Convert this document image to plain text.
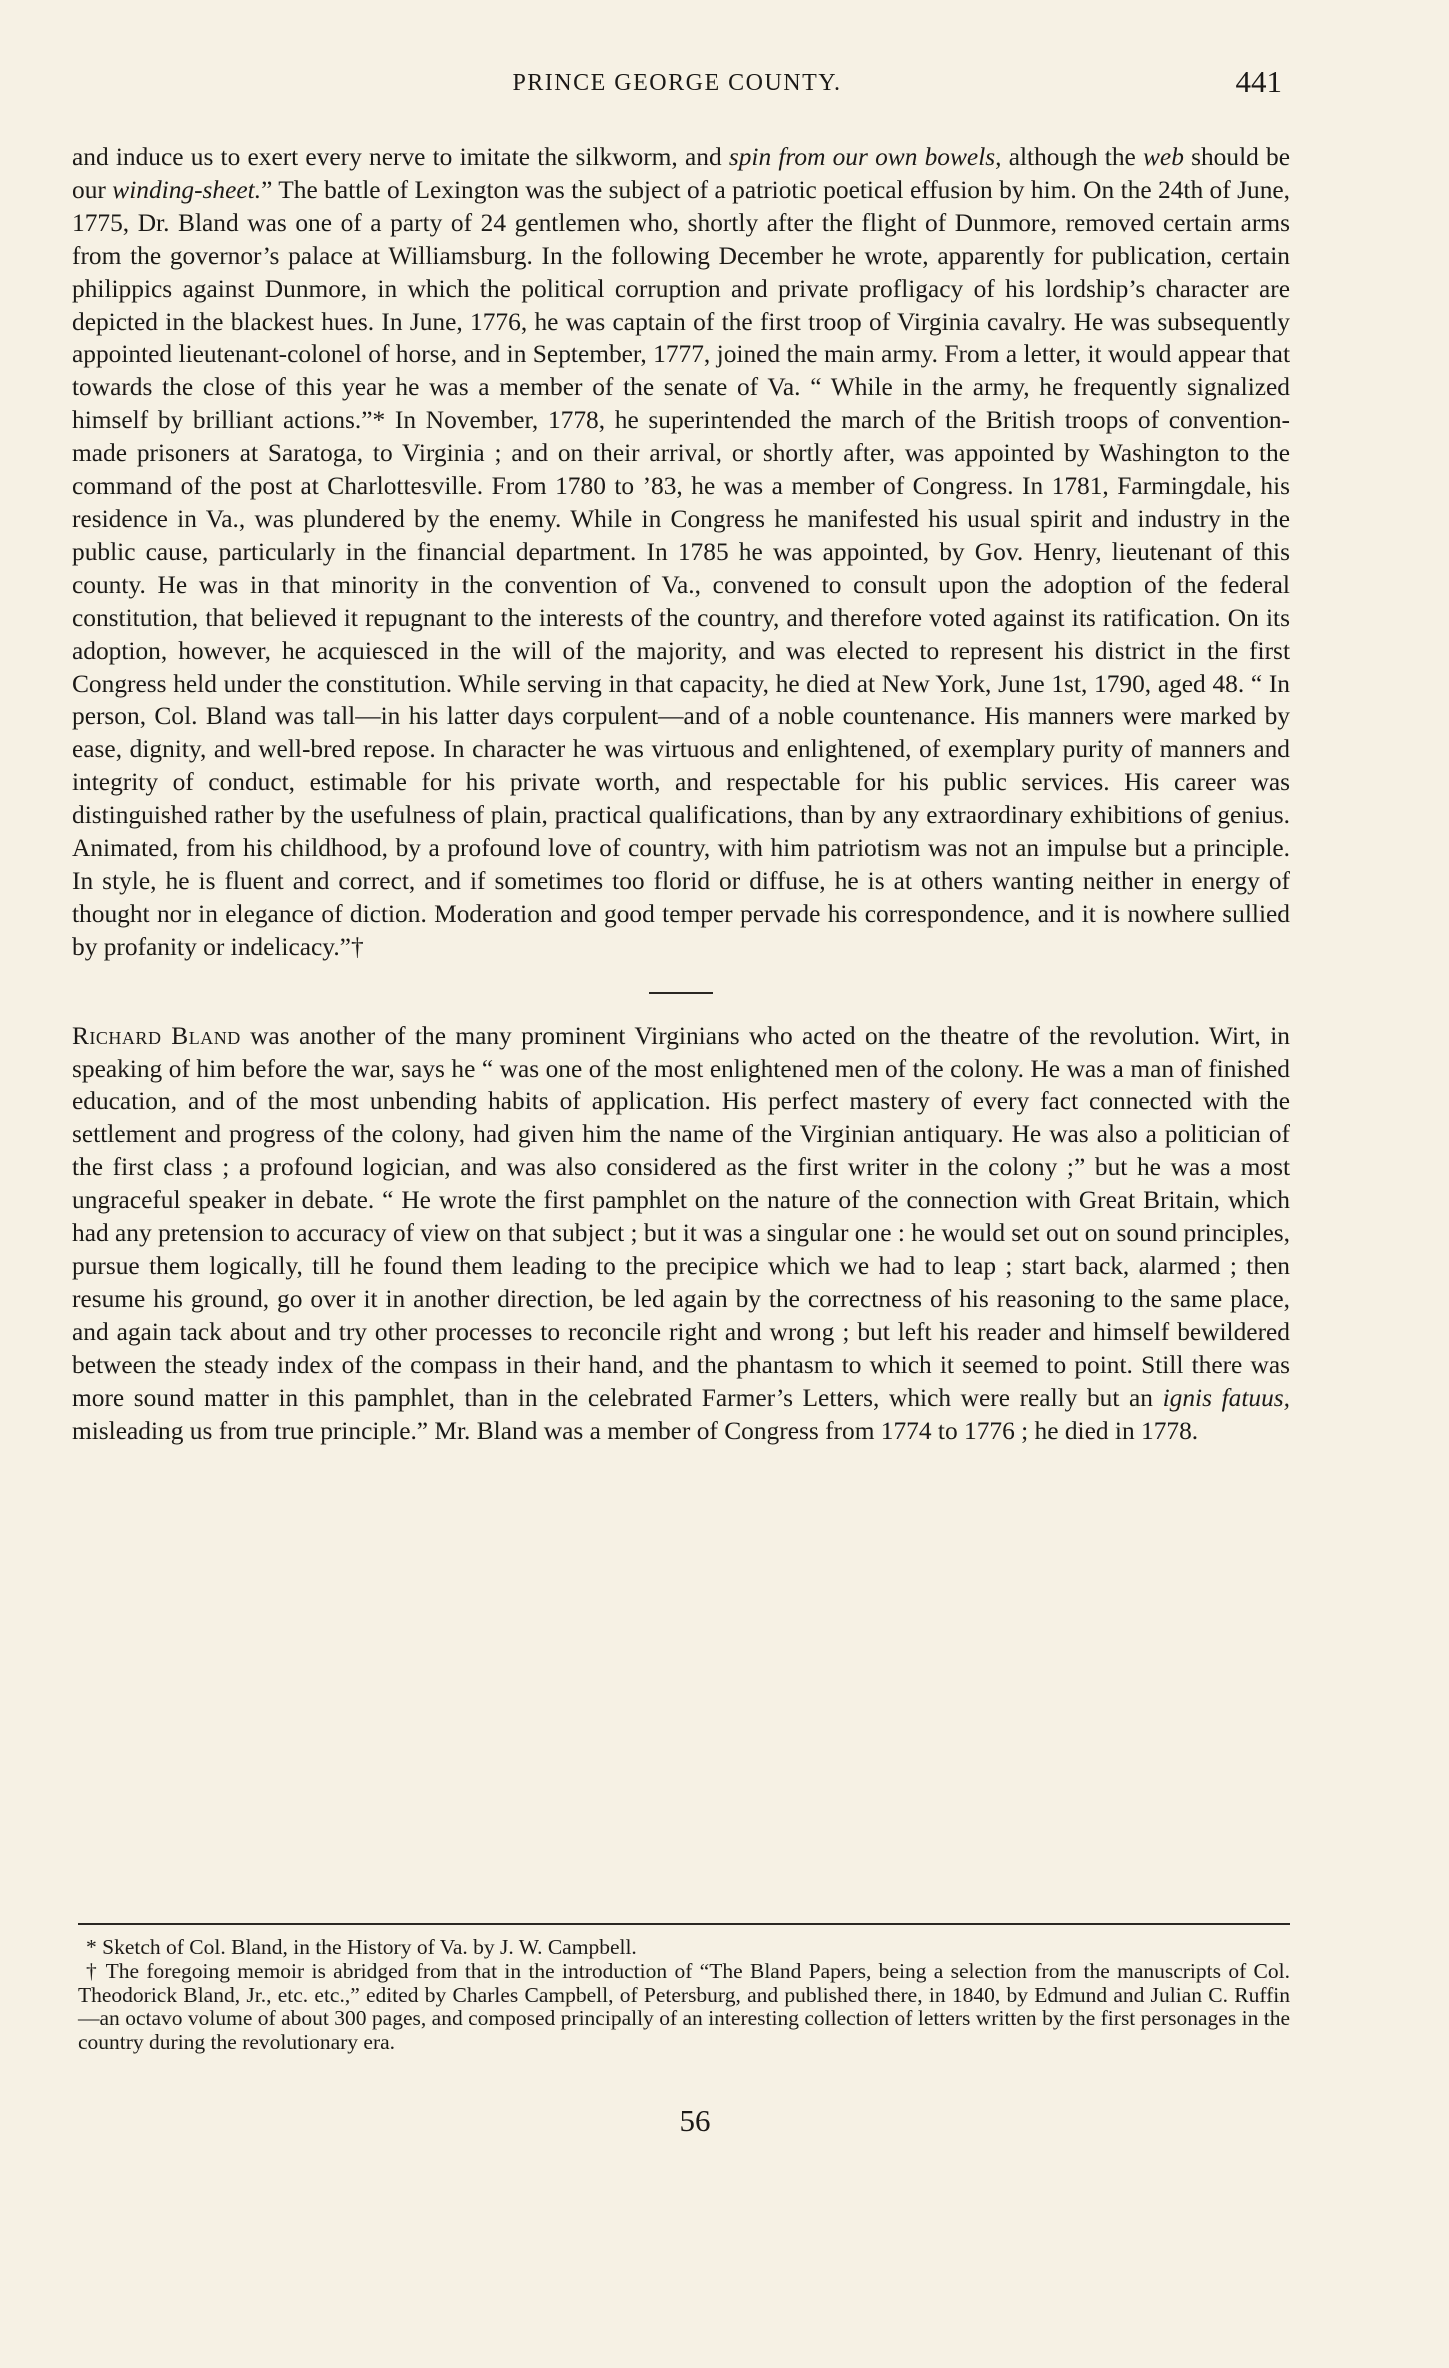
PRINCE GEORGE COUNTY.	441

and induce us to exert every nerve to imitate the silkworm, and spin from our own bowels, although the web should be our winding-sheet.” The battle of Lexington was the subject of a patriotic poetical effusion by him. On the 24th of June, 1775, Dr. Bland was one of a party of 24 gentlemen who, shortly after the flight of Dunmore, removed certain arms from the governor’s palace at Williamsburg. In the following December he wrote, apparently for publication, certain philippics against Dunmore, in which the political corruption and private profligacy of his lordship’s character are depicted in the blackest hues. In June, 1776, he was captain of the first troop of Virginia cavalry. He was subsequently appointed lieutenant-colonel of horse, and in September, 1777, joined the main army. From a letter, it would appear that towards the close of this year he was a member of the senate of Va. “ While in the army, he frequently signalized himself by brilliant actions.”* In November, 1778, he superintended the march of the British troops of convention-made prisoners at Saratoga, to Virginia ; and on their arrival, or shortly after, was appointed by Washington to the command of the post at Charlottesville. From 1780 to ’83, he was a member of Congress. In 1781, Farmingdale, his residence in Va., was plundered by the enemy. While in Congress he manifested his usual spirit and industry in the public cause, particularly in the financial department. In 1785 he was appointed, by Gov. Henry, lieutenant of this county. He was in that minority in the convention of Va., convened to consult upon the adoption of the federal constitution, that believed it repugnant to the interests of the country, and therefore voted against its ratification. On its adoption, however, he acquiesced in the will of the majority, and was elected to represent his district in the first Congress held under the constitution. While serving in that capacity, he died at New York, June 1st, 1790, aged 48. “ In person, Col. Bland was tall—in his latter days corpulent—and of a noble countenance. His manners were marked by ease, dignity, and well-bred repose. In character he was virtuous and enlightened, of exemplary purity of manners and integrity of conduct, estimable for his private worth, and respectable for his public services. His career was distinguished rather by the usefulness of plain, practical qualifications, than by any extraordinary exhibitions of genius. Animated, from his childhood, by a profound love of country, with him patriotism was not an impulse but a principle. In style, he is fluent and correct, and if sometimes too florid or diffuse, he is at others wanting neither in energy of thought nor in elegance of diction. Moderation and good temper pervade his correspondence, and it is nowhere sullied by profanity or indelicacy.”†

Richard Bland was another of the many prominent Virginians who acted on the theatre of the revolution. Wirt, in speaking of him before the war, says he “ was one of the most enlightened men of the colony. He was a man of finished education, and of the most unbending habits of application. His perfect mastery of every fact connected with the settlement and progress of the colony, had given him the name of the Virginian antiquary. He was also a politician of the first class ; a profound logician, and was also considered as the first writer in the colony ;” but he was a most ungraceful speaker in debate. “ He wrote the first pamphlet on the nature of the connection with Great Britain, which had any pretension to accuracy of view on that subject ; but it was a singular one : he would set out on sound principles, pursue them logically, till he found them leading to the precipice which we had to leap ; start back, alarmed ; then resume his ground, go over it in another direction, be led again by the correctness of his reasoning to the same place, and again tack about and try other processes to reconcile right and wrong ; but left his reader and himself bewildered between the steady index of the compass in their hand, and the phantasm to which it seemed to point. Still there was more sound matter in this pamphlet, than in the celebrated Farmer’s Letters, which were really but an ignis fatuus, misleading us from true principle.” Mr. Bland was a member of Congress from 1774 to 1776 ; he died in 1778.

* Sketch of Col. Bland, in the History of Va. by J. W. Campbell.

† The foregoing memoir is abridged from that in the introduction of “The Bland Papers, being a selection from the manuscripts of Col. Theodorick Bland, Jr., etc. etc.,” edited by Charles Campbell, of Petersburg, and published there, in 1840, by Edmund and Julian C. Ruffin—an octavo volume of about 300 pages, and composed principally of an interesting collection of letters written by the first personages in the country during the revolutionary era.

56
